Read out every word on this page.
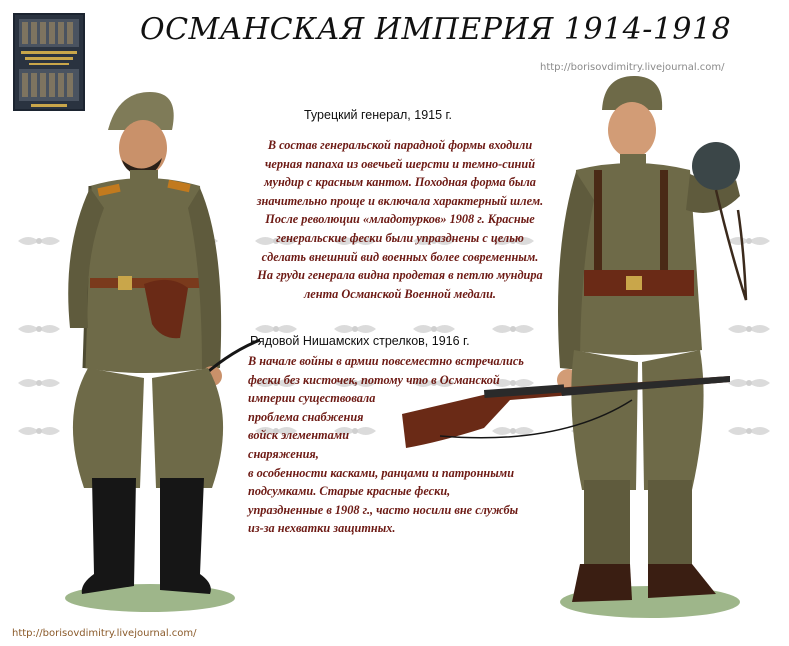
ОСМАНСКАЯ ИМПЕРИЯ 1914-1918
http://borisovdimitry.livejournal.com/
Турецкий генерал, 1915 г.
В состав генеральской парадной формы входили
черная папаха из овечьей шерсти и темно-синий
мундир с красным кантом. Походная форма была
значительно проще и включала характерный шлем.
После революции «младотурков» 1908 г. Красные
генеральские фески были упразднены с целью
сделать внешний вид военных более современным.
На груди генерала видна продетая в петлю мундира
лента Османской Военной медали.
Рядовой Нишамских стрелков, 1916 г.
В начале войны в армии повсеместно встречались
фески без кисточек, потому что в Османской
империи существовала
проблема снабжения
войск элементами
снаряжения,
в особенности касками, ранцами и патронными
подсумками. Старые красные фески,
упраздненные в 1908 г., часто носили вне службы
из-за нехватки защитных.
http://borisovdimitry.livejournal.com/
